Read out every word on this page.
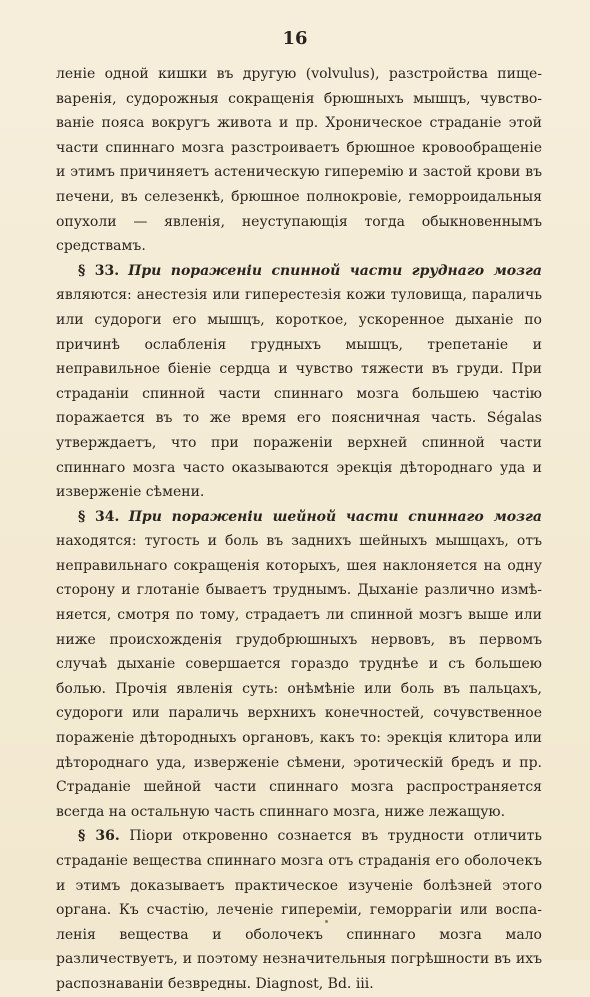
16

ленiе одной кишки въ другую (volvulus), разстройства пищеваренiя, судорожныя сокращенiя брюшныхъ мышцъ, чувствованiе пояса вокругъ живота и пр. Хроническое страданiе этой части спиннаго мозга разстроиваетъ брюшное кровообращенiе и этимъ причиняетъ астеническую гиперемiю и застой крови въ печени, въ селезенкѣ, брюшное полнокровiе, геморроидальныя опухоли — явленiя, неуступающiя тогда обыкновеннымъ средствамъ.

§ 33. При пораженiи спинной части груднаго мозга являются: анестезiя или гиперестезiя кожи туловища, параличь или судороги его мышцъ, короткое, ускоренное дыханiе по причинѣ ослабленiя грудныхъ мышцъ, трепетанiе и неправильное бiенiе сердца и чувство тяжести въ груди. При страданiи спинной части спиннаго мозга большею частiю поражается въ то же время его поясничная часть. Ségalas утверждаетъ, что при пораженiи верхней спинной части спиннаго мозга часто оказываются эрекцiя дѣтороднаго уда и изверженiе сѣмени.

§ 34. При пораженiи шейной части спиннаго мозга находятся: тугость и боль въ заднихъ шейныхъ мышцахъ, отъ неправильнаго сокращенiя которыхъ, шея наклоняется на одну сторону и глотанiе бываетъ труднымъ. Дыханiе различно измѣняется, смотря по тому, страдаетъ ли спинной мозгъ выше или ниже происхожденiя грудобрюшныхъ нервовъ, въ первомъ случаѣ дыханiе совершается гораздо труднѣе и съ большею болью. Прочiя явленiя суть: онѣмѣнiе или боль въ пальцахъ, судороги или параличь верхнихъ конечностей, сочувственное пораженiе дѣтородныхъ органовъ, какъ то: эрекцiя клитора или дѣтороднаго уда, изверженiе сѣмени, эротическiй бредъ и пр. Страданiе шейной части спиннаго мозга распространяется всегда на остальную часть спиннаго мозга, ниже лежащую.

§ 36. Пiори откровенно сознается въ трудности отличить страданiе вещества спиннаго мозга отъ страданiя его оболочекъ и этимъ доказываетъ практическое изученiе болѣзней этого органа. Къ счастiю, леченiе гиперемiи, геморрагiи или воспаленiя вещества и оболочекъ спиннаго мозга мало различествуетъ, и поэтому незначительныя погрѣшности въ ихъ распознаванiи безвредны. Diagnost, Bd. iii.
